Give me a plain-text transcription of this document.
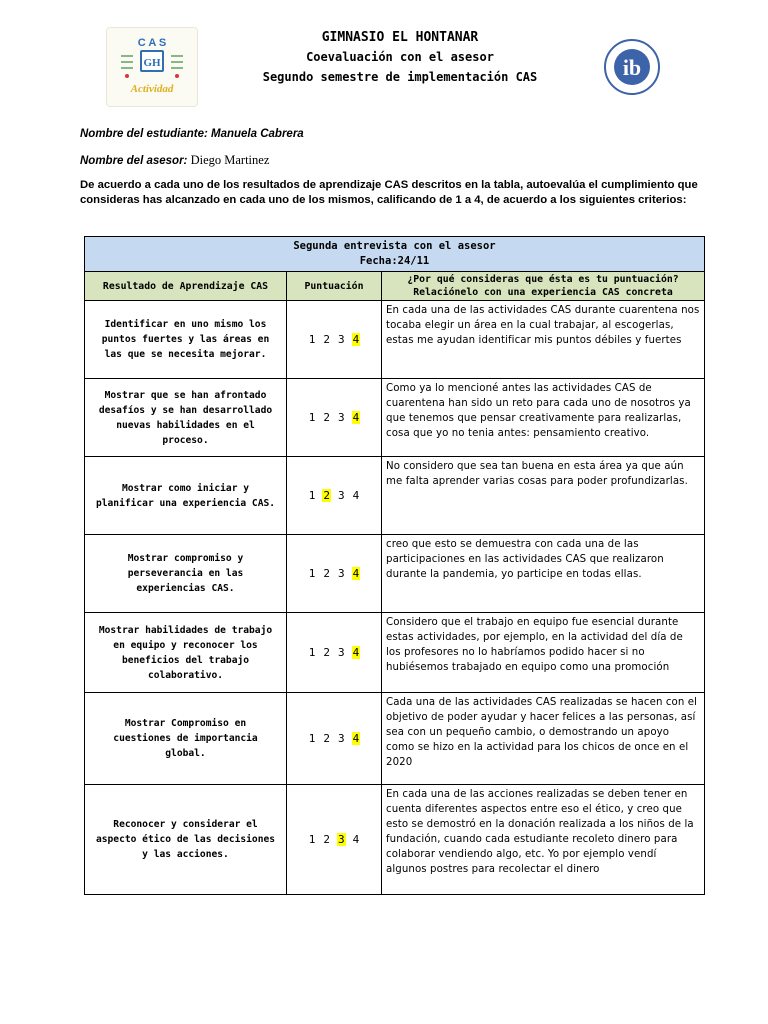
C A S
GH
Actividad
ib
GIMNASIO EL HONTANAR
Coevaluación con el asesor
Segundo semestre de implementación CAS
Nombre del estudiante: Manuela Cabrera
Nombre del asesor: Diego Martinez
De acuerdo a cada uno de los resultados de aprendizaje CAS descritos en la tabla, autoevalúa el cumplimiento que consideras has alcanzado en cada uno de los mismos, calificando de 1 a 4, de acuerdo a los siguientes criterios:
Segunda entrevista con el asesor
Fecha:24/11		

Resultado de Aprendizaje CAS	Puntuación	¿Por qué consideras que ésta es tu puntuación? Relaciónelo con una experiencia CAS concreta
Identificar en uno mismo los puntos fuertes y las áreas en las que se necesita mejorar.	1 2 3 4	En cada una de las actividades CAS durante cuarentena nos tocaba elegir un área en la cual trabajar, al escogerlas, estas me ayudan identificar mis puntos débiles y fuertes

Mostrar que se han afrontado desafíos y se han desarrollado nuevas habilidades en el proceso.	1 2 3 4	Como ya lo mencioné antes las actividades CAS de cuarentena han sido un reto para cada uno de nosotros ya que tenemos que pensar creativamente para realizarlas, cosa que yo no tenia antes: pensamiento creativo.

Mostrar como iniciar y planificar una experiencia CAS.	1 2 3 4	No considero que sea tan buena en esta área ya que aún me falta aprender varias cosas para poder profundizarlas.

Mostrar compromiso y perseverancia en las experiencias CAS.	1 2 3 4	creo que esto se demuestra con cada una de las participaciones en las actividades CAS que realizaron durante la pandemia, yo participe en todas ellas.

Mostrar habilidades de trabajo en equipo y reconocer los beneficios del trabajo colaborativo.	1 2 3 4	Considero que el trabajo en equipo fue esencial durante estas actividades, por ejemplo, en la actividad del día de los profesores no lo habríamos podido hacer si no hubiésemos trabajado en equipo como una promoción

Mostrar Compromiso en cuestiones de importancia global.	1 2 3 4	Cada una de las actividades CAS realizadas se hacen con el objetivo de poder ayudar y hacer felices a las personas, así sea con un pequeño cambio, o demostrando un apoyo como se hizo en la actividad para los chicos de once en el 2020

Reconocer y considerar el aspecto ético de las decisiones y las acciones.	1 2 3 4	En cada una de las acciones realizadas se deben tener en cuenta diferentes aspectos entre eso el ético, y creo que esto se demostró en la donación realizada a los niños de la fundación, cuando cada estudiante recoleto dinero para colaborar vendiendo algo, etc. Yo por ejemplo vendí algunos postres para recolectar el dinero
